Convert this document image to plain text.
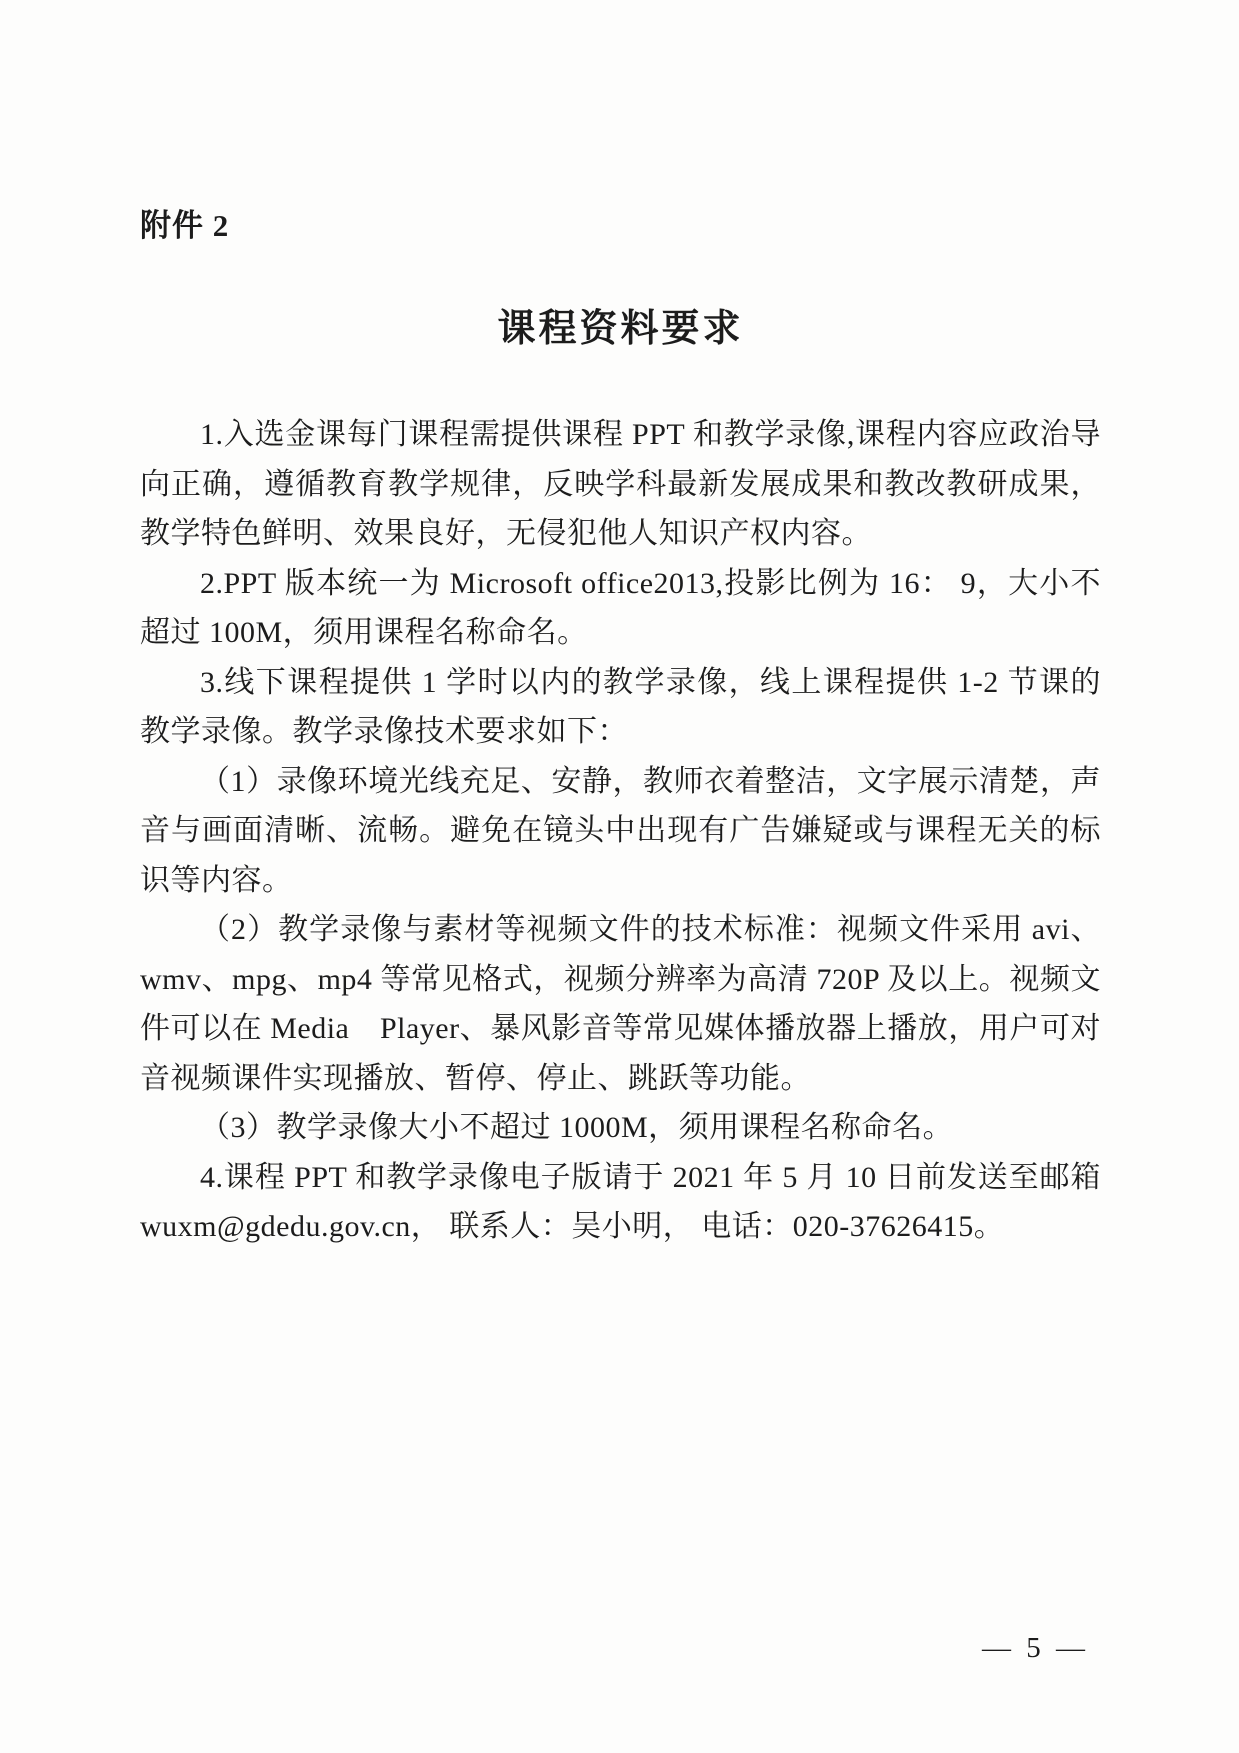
附件 2
课程资料要求

1.入选金课每门课程需提供课程 PPT 和教学录像,课程内容应政治导向正确，遵循教育教学规律，反映学科最新发展成果和教改教研成果，教学特色鲜明、效果良好，无侵犯他人知识产权内容。

2.PPT 版本统一为 Microsoft office2013,投影比例为 16： 9，大小不超过 100M，须用课程名称命名。

3.线下课程提供 1 学时以内的教学录像，线上课程提供 1-2 节课的教学录像。教学录像技术要求如下：

（1）录像环境光线充足、安静，教师衣着整洁，文字展示清楚，声音与画面清晰、流畅。避免在镜头中出现有广告嫌疑或与课程无关的标识等内容。

（2）教学录像与素材等视频文件的技术标准：视频文件采用 avi、wmv、mpg、mp4 等常见格式，视频分辨率为高清 720P 及以上。视频文件可以在 Media　Player、暴风影音等常见媒体播放器上播放，用户可对音视频课件实现播放、暂停、停止、跳跃等功能。

（3）教学录像大小不超过 1000M，须用课程名称命名。

4.课程 PPT 和教学录像电子版请于 2021 年 5 月 10 日前发送至邮箱 wuxm@gdedu.gov.cn， 联系人：吴小明， 电话：020-37626415。

— 5 —
